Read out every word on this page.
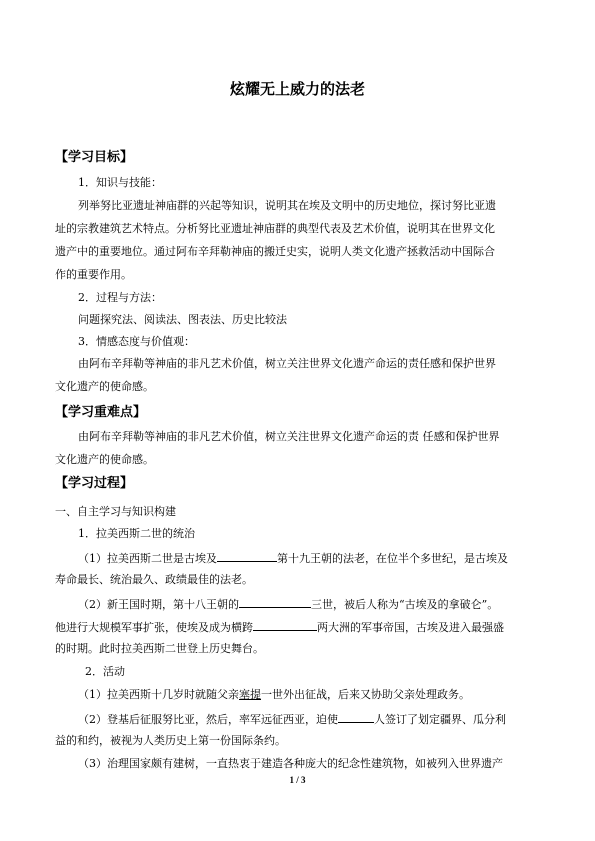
炫耀无上威力的法老
【学习目标】
1．知识与技能：
列举努比亚遗址神庙群的兴起等知识，说明其在埃及文明中的历史地位，探讨努比亚遗
址的宗教建筑艺术特点。分析努比亚遗址神庙群的典型代表及艺术价值，说明其在世界文化
遗产中的重要地位。通过阿布辛拜勒神庙的搬迁史实，说明人类文化遗产拯救活动中国际合
作的重要作用。
2．过程与方法：
问题探究法、阅读法、图表法、历史比较法
3．情感态度与价值观：
由阿布辛拜勒等神庙的非凡艺术价值，树立关注世界文化遗产命运的责任感和保护世界
文化遗产的使命感。
【学习重难点】
由阿布辛拜勒等神庙的非凡艺术价值，树立关注世界文化遗产命运的责 任感和保护世界
文化遗产的使命感。
【学习过程】
一、自主学习与知识构建
1．拉美西斯二世的统治
（1）拉美西斯二世是古埃及	第十九王朝的法老，在位半个多世纪，是古埃及
寿命最长、统治最久、政绩最佳的法老。
（2）新王国时期，第十八王朝的	三世，被后人称为“古埃及的拿破仑”。
他进行大规模军事扩张，使埃及成为横跨	两大洲的军事帝国，古埃及进入最强盛
的时期。此时拉美西斯二世登上历史舞台。
2．活动
（1）拉美西斯十几岁时就随父亲塞提一世外出征战，后来又协助父亲处理政务。
（2）登基后征服努比亚，然后，率军远征西亚，迫使	人签订了划定疆界、瓜分利
益的和约，被视为人类历史上第一份国际条约。
（3）治理国家颇有建树，一直热衷于建造各种庞大的纪念性建筑物，如被列入世界遗产
1 / 3
